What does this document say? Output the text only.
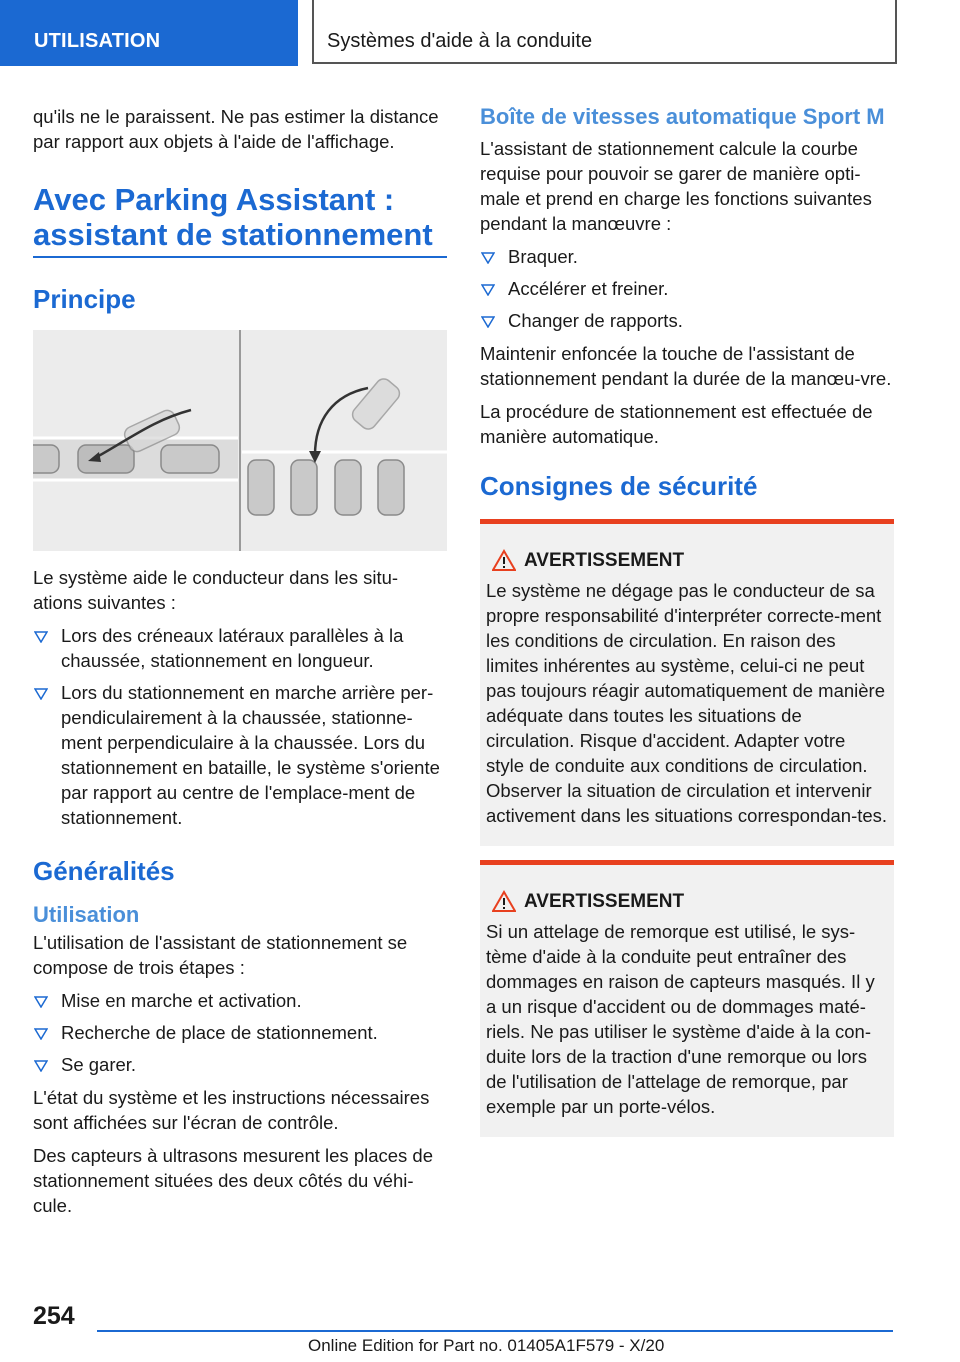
UTILISATION	Systèmes d'aide à la conduite

qu'ils ne le paraissent. Ne pas estimer la distance par rapport aux objets à l'aide de l'affichage.

Avec Parking Assistant : assistant de stationnement
Principe

Le système aide le conducteur dans les situ-ations suivantes :

Lors des créneaux latéraux parallèles à la chaussée, stationnement en longueur.
Lors du stationnement en marche arrière per-pendiculairement à la chaussée, stationne-ment perpendiculaire à la chaussée. Lors du stationnement en bataille, le système s'oriente par rapport au centre de l'emplace-ment de stationnement.
Généralités
Utilisation

L'utilisation de l'assistant de stationnement se compose de trois étapes :

Mise en marche et activation.
Recherche de place de stationnement.
Se garer.

L'état du système et les instructions nécessaires sont affichées sur l'écran de contrôle.

Des capteurs à ultrasons mesurent les places de stationnement situées des deux côtés du véhi-cule.

Boîte de vitesses automatique Sport M

L'assistant de stationnement calcule la courbe requise pour pouvoir se garer de manière opti-male et prend en charge les fonctions suivantes pendant la manœuvre :

Braquer.
Accélérer et freiner.
Changer de rapports.

Maintenir enfoncée la touche de l'assistant de stationnement pendant la durée de la manœu-vre.

La procédure de stationnement est effectuée de manière automatique.

Consignes de sécurité
AVERTISSEMENT

Le système ne dégage pas le conducteur de sa propre responsabilité d'interpréter correcte-ment les conditions de circulation. En raison des limites inhérentes au système, celui-ci ne peut pas toujours réagir automatiquement de manière adéquate dans toutes les situations de circulation. Risque d'accident. Adapter votre style de conduite aux conditions de circulation. Observer la situation de circulation et intervenir activement dans les situations correspondan-tes.

AVERTISSEMENT

Si un attelage de remorque est utilisé, le sys-tème d'aide à la conduite peut entraîner des dommages en raison de capteurs masqués. Il y a un risque d'accident ou de dommages maté-riels. Ne pas utiliser le système d'aide à la con-duite lors de la traction d'une remorque ou lors de l'utilisation de l'attelage de remorque, par exemple par un porte-vélos.

254
Online Edition for Part no. 01405A1F579 - X/20
